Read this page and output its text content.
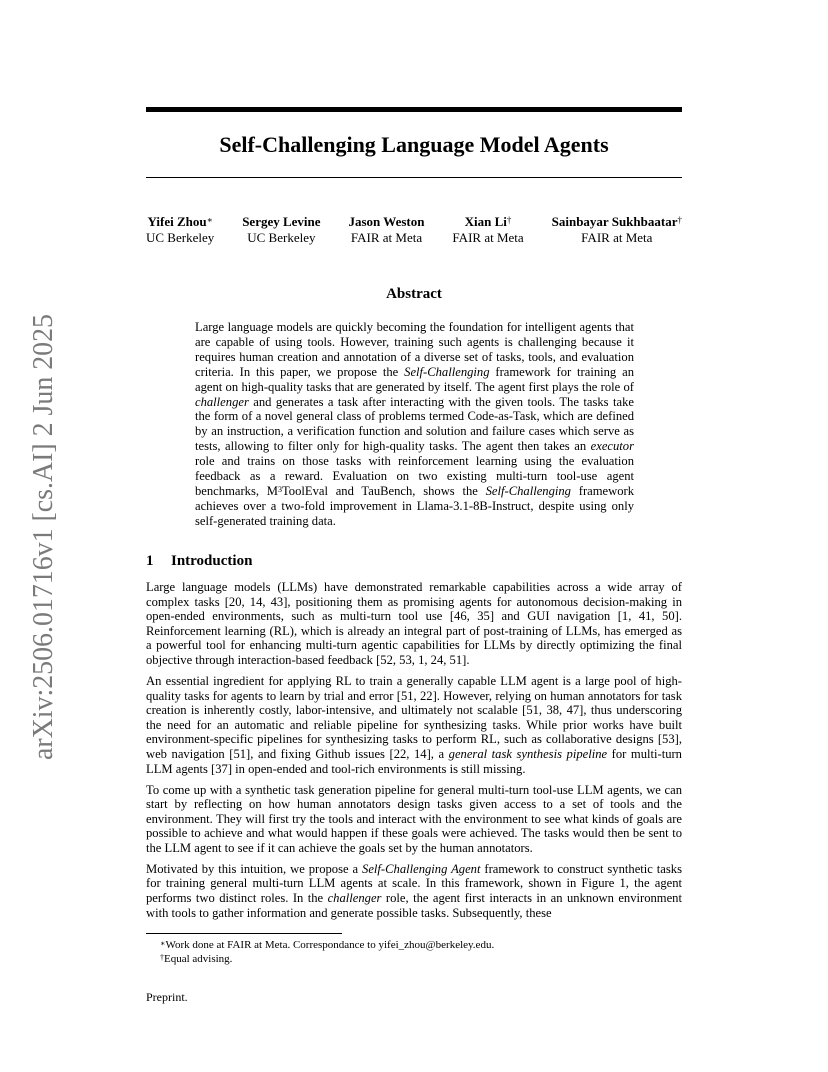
arXiv:2506.01716v1 [cs.AI] 2 Jun 2025
Self-Challenging Language Model Agents
Yifei Zhou∗
UC Berkeley
Sergey Levine
UC Berkeley
Jason Weston
FAIR at Meta
Xian Li†
FAIR at Meta
Sainbayar Sukhbaatar†
FAIR at Meta
Abstract
Large language models are quickly becoming the foundation for intelligent agents that are capable of using tools. However, training such agents is challenging because it requires human creation and annotation of a diverse set of tasks, tools, and evaluation criteria. In this paper, we propose the Self-Challenging framework for training an agent on high-quality tasks that are generated by itself. The agent first plays the role of challenger and generates a task after interacting with the given tools. The tasks take the form of a novel general class of problems termed Code-as-Task, which are defined by an instruction, a verification function and solution and failure cases which serve as tests, allowing to filter only for high-quality tasks. The agent then takes an executor role and trains on those tasks with reinforcement learning using the evaluation feedback as a reward. Evaluation on two existing multi-turn tool-use agent benchmarks, $M^3ToolEval$ and TauBench, shows the Self-Challenging framework achieves over a two-fold improvement in Llama-3.1-8B-Instruct, despite using only self-generated training data.
1 Introduction

Large language models (LLMs) have demonstrated remarkable capabilities across a wide array of complex tasks [20, 14, 43], positioning them as promising agents for autonomous decision-making in open-ended environments, such as multi-turn tool use [46, 35] and GUI navigation [1, 41, 50]. Reinforcement learning (RL), which is already an integral part of post-training of LLMs, has emerged as a powerful tool for enhancing multi-turn agentic capabilities for LLMs by directly optimizing the final objective through interaction-based feedback [52, 53, 1, 24, 51].

An essential ingredient for applying RL to train a generally capable LLM agent is a large pool of high-quality tasks for agents to learn by trial and error [51, 22]. However, relying on human annotators for task creation is inherently costly, labor-intensive, and ultimately not scalable [51, 38, 47], thus underscoring the need for an automatic and reliable pipeline for synthesizing tasks. While prior works have built environment-specific pipelines for synthesizing tasks to perform RL, such as collaborative designs [53], web navigation [51], and fixing Github issues [22, 14], a general task synthesis pipeline for multi-turn LLM agents [37] in open-ended and tool-rich environments is still missing.

To come up with a synthetic task generation pipeline for general multi-turn tool-use LLM agents, we can start by reflecting on how human annotators design tasks given access to a set of tools and the environment. They will first try the tools and interact with the environment to see what kinds of goals are possible to achieve and what would happen if these goals were achieved. The tasks would then be sent to the LLM agent to see if it can achieve the goals set by the human annotators.

Motivated by this intuition, we propose a Self-Challenging Agent framework to construct synthetic tasks for training general multi-turn LLM agents at scale. In this framework, shown in Figure 1, the agent performs two distinct roles. In the challenger role, the agent first interacts in an unknown environment with tools to gather information and generate possible tasks. Subsequently, these

∗Work done at FAIR at Meta. Correspondance to yifei_zhou@berkeley.edu.
†Equal advising.
Preprint.
